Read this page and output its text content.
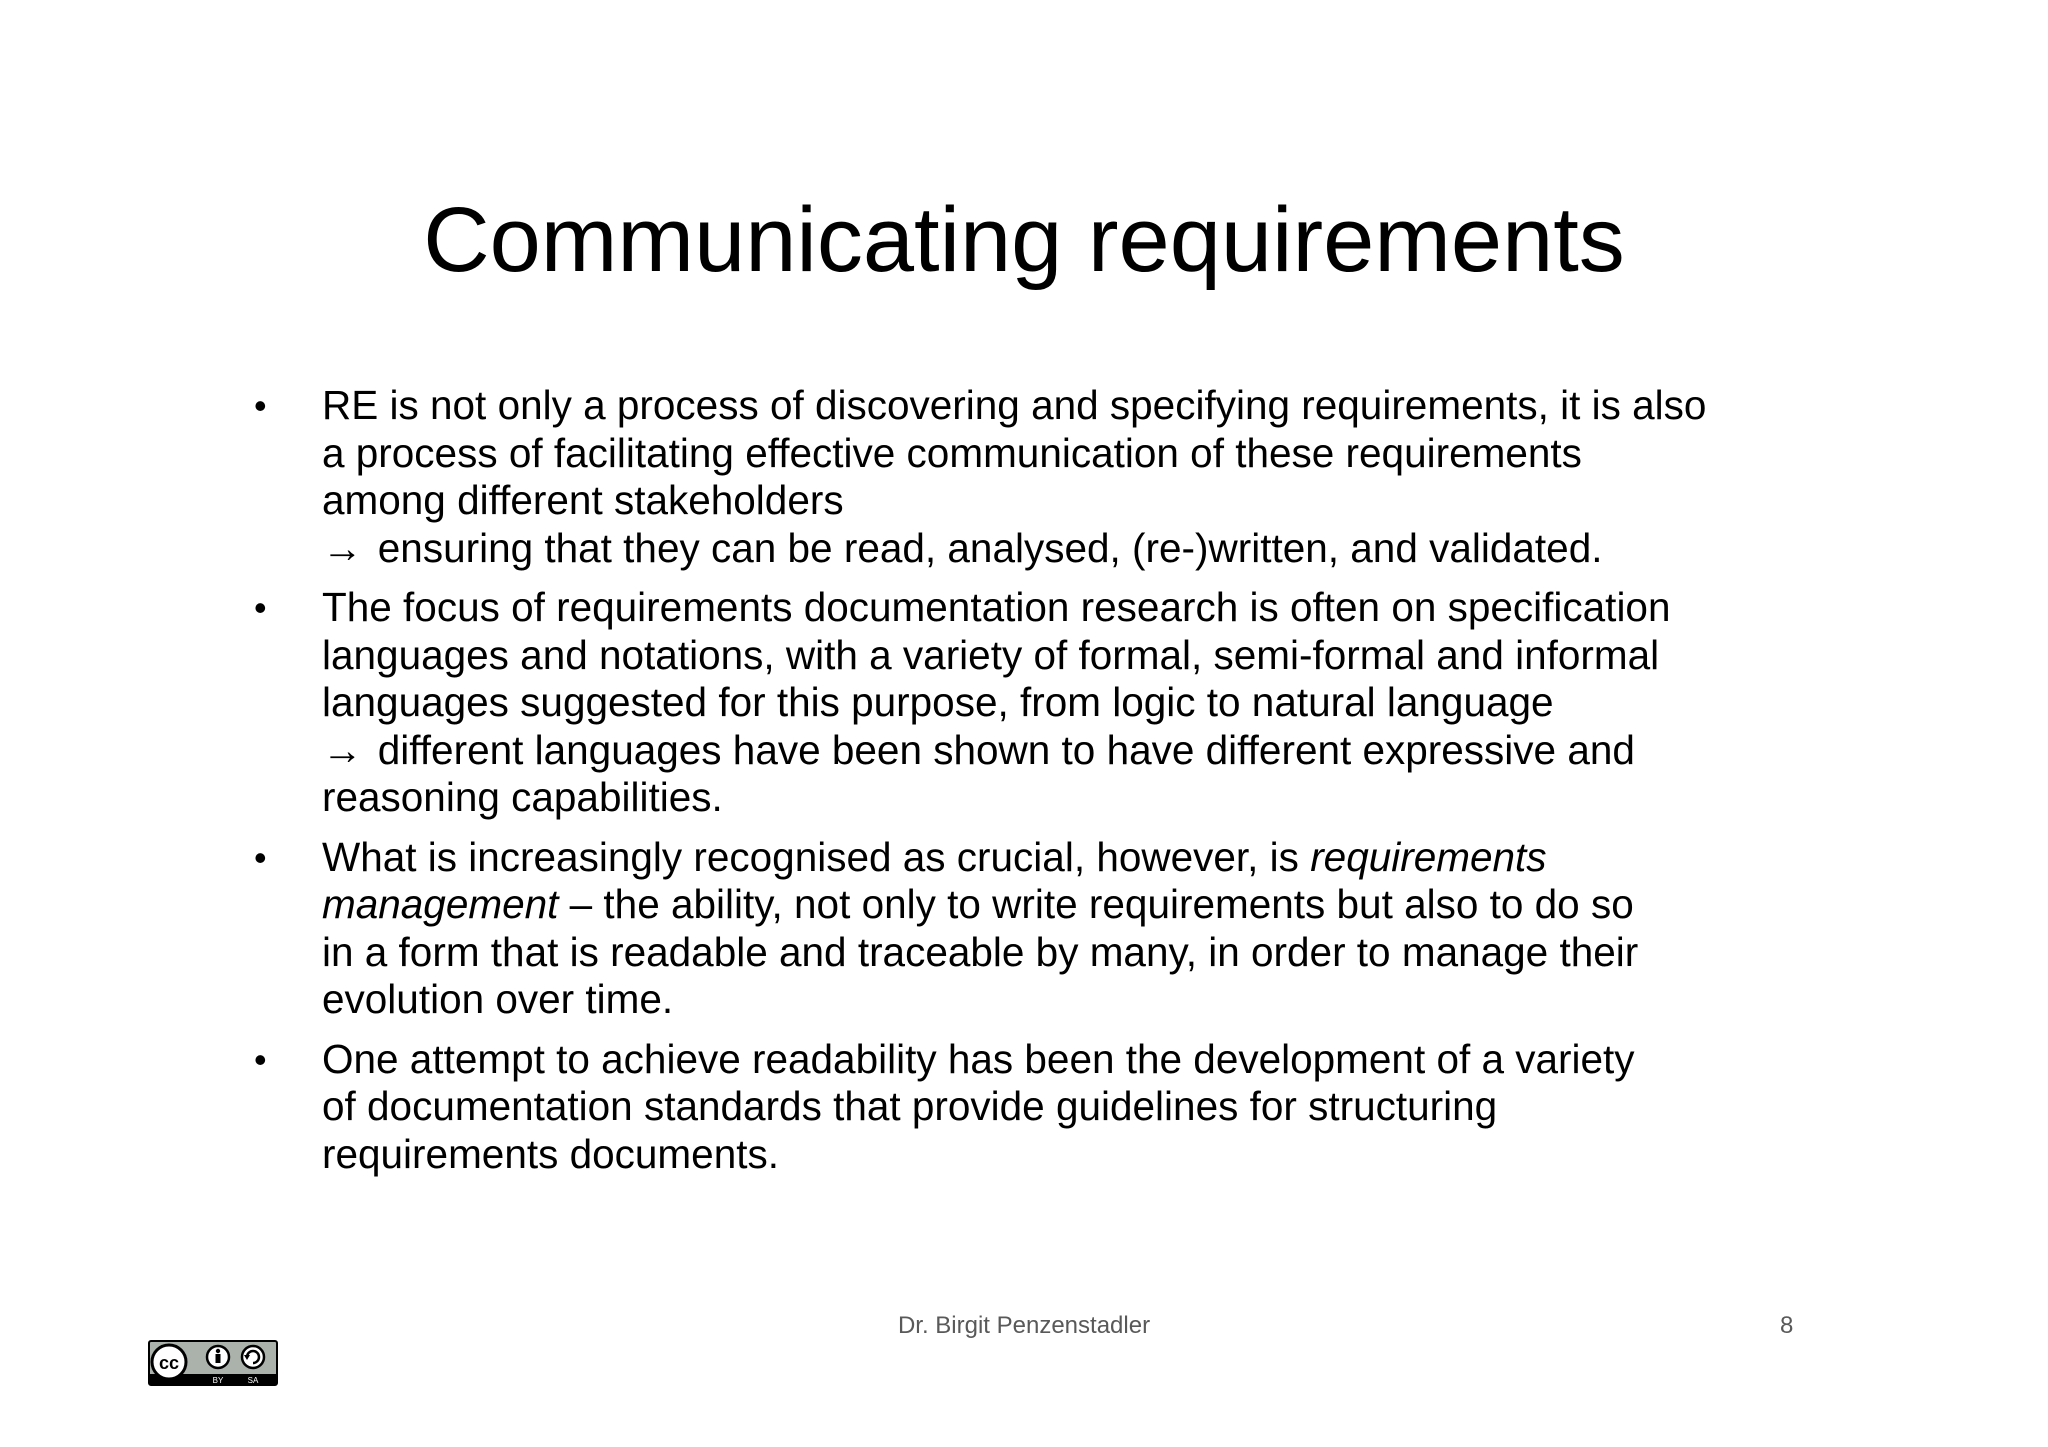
Communicating requirements
• RE is not only a process of discovering and specifying requirements, it is also
a process of facilitating effective communication of these requirements
among different stakeholders
→ ensuring that they can be read, analysed, (re-)written, and validated.
• The focus of requirements documentation research is often on specification
languages and notations, with a variety of formal, semi-formal and informal
languages suggested for this purpose, from logic to natural language
→ different languages have been shown to have different expressive and
reasoning capabilities.
• What is increasingly recognised as crucial, however, is requirements
management – the ability, not only to write requirements but also to do so
in a form that is readable and traceable by many, in order to manage their
evolution over time.
• One attempt to achieve readability has been the development of a variety
of documentation standards that provide guidelines for structuring
requirements documents.
Dr. Birgit Penzenstadler	8
cc
BY	SA
